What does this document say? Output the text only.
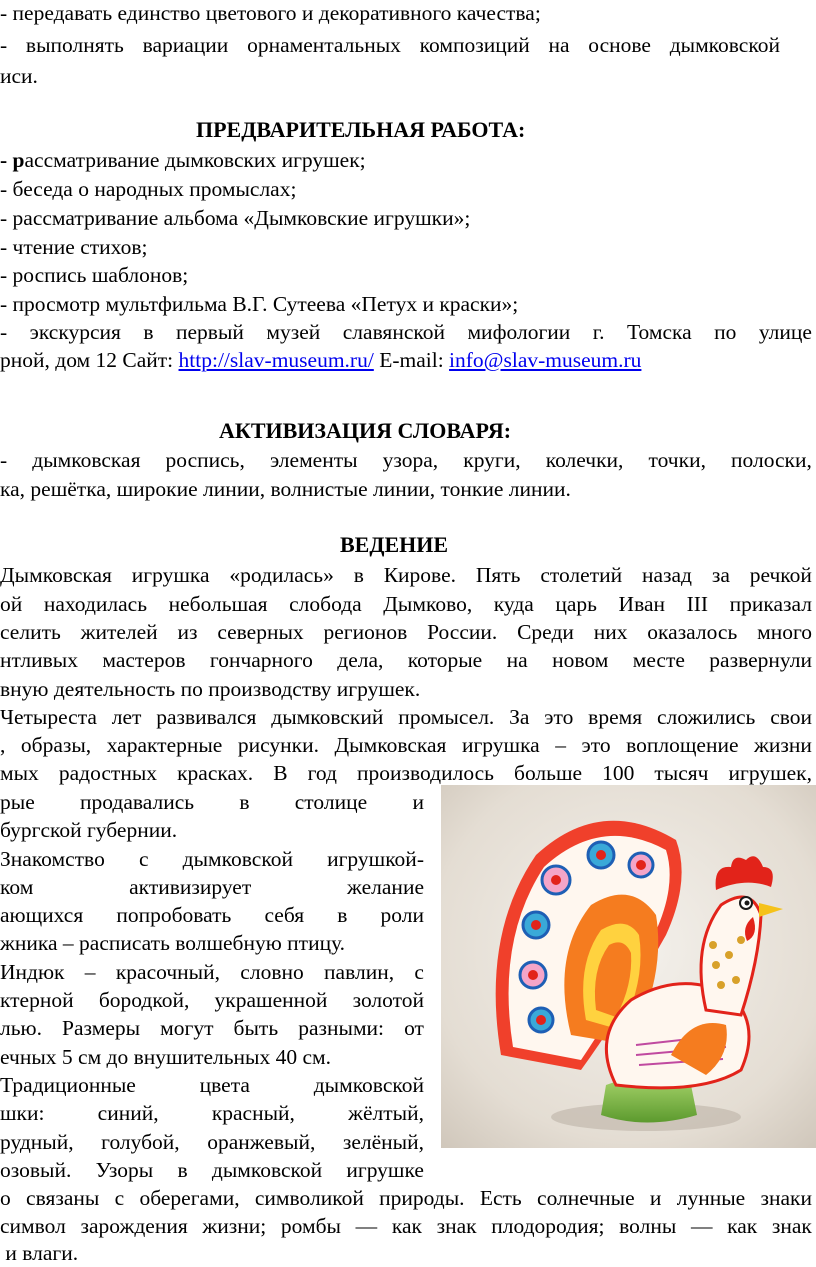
- передавать единство цветового и декоративного качества;
- выполнять вариации орнаментальных композиций на основе дымковской
иси.
ПРЕДВАРИТЕЛЬНАЯ РАБОТА:
- рассматривание дымковских игрушек;
- беседа о народных промыслах;
- рассматривание альбома «Дымковские игрушки»;
- чтение стихов;
- роспись шаблонов;
- просмотр мультфильма В.Г. Сутеева «Петух и краски»;
- экскурсия в первый музей славянской мифологии г. Томска по улице
рной, дом 12 Сайт: http://slav-museum.ru/ E-mail: info@slav-museum.ru
АКТИВИЗАЦИЯ СЛОВАРЯ:
- дымковская роспись, элементы узора, круги, колечки, точки, полоски,
ка, решётка, широкие линии, волнистые линии, тонкие линии.
ВЕДЕНИЕ
Дымковская игрушка «родилась» в Кирове. Пять столетий назад за речкой
ой находилась небольшая слобода Дымково, куда царь Иван III приказал
селить жителей из северных регионов России. Среди них оказалось много
нтливых мастеров гончарного дела, которые на новом месте развернули
вную деятельность по производству игрушек.
Четыреста лет развивался дымковский промысел. За это время сложились свои
, образы, характерные рисунки. Дымковская игрушка – это воплощение жизни
мых радостных красках. В год производилось больше 100 тысяч игрушек,
рые продавались в столице и
бургской губернии.
Знакомство с дымковской игрушкой-
ком	активизирует	желание
ающихся попробовать себя в роли
жника – расписать волшебную птицу.
Индюк – красочный, словно павлин, с
ктерной бородкой, украшенной золотой
лью. Размеры могут быть разными: от
ечных 5 см до внушительных 40 см.
Традиционные	цвета	дымковской
шки: синий, красный, жёлтый,
рудный, голубой, оранжевый, зелёный,
озовый. Узоры в дымковской игрушке
о связаны с оберегами, символикой природы. Есть солнечные и лунные знаки
символ зарождения жизни; ромбы — как знак плодородия; волны — как знак
и влаги.
